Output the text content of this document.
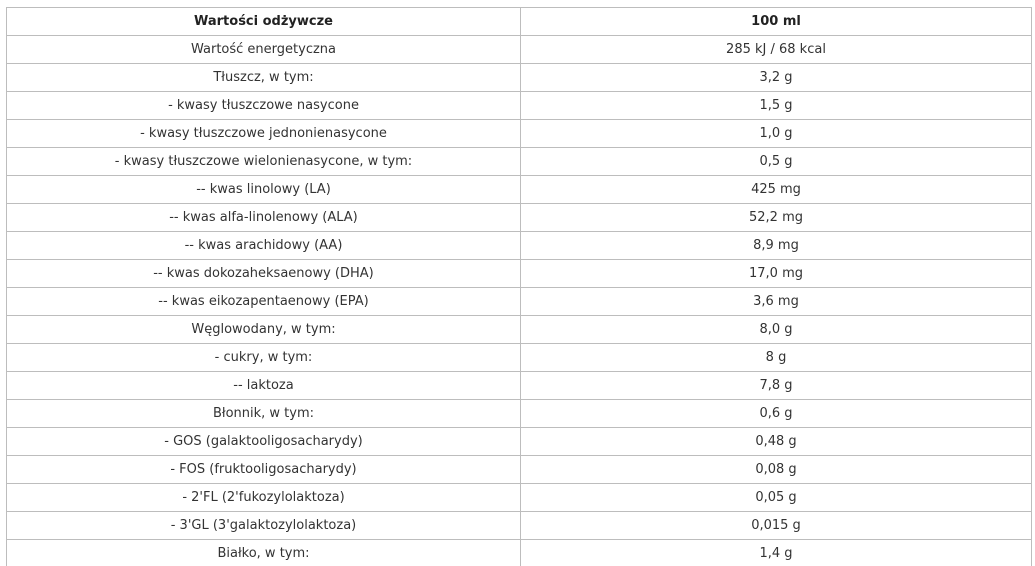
Wartości odżywcze	100 ml
Wartość energetyczna	285 kJ / 68 kcal
Tłuszcz, w tym:	3,2 g
- kwasy tłuszczowe nasycone	1,5 g
- kwasy tłuszczowe jednonienasycone	1,0 g
- kwasy tłuszczowe wielonienasycone, w tym:	0,5 g
-- kwas linolowy (LA)	425 mg
-- kwas alfa-linolenowy (ALA)	52,2 mg
-- kwas arachidowy (AA)	8,9 mg
-- kwas dokozaheksaenowy (DHA)	17,0 mg
-- kwas eikozapentaenowy (EPA)	3,6 mg
Węglowodany, w tym:	8,0 g
- cukry, w tym:	8 g
-- laktoza	7,8 g
Błonnik, w tym:	0,6 g
- GOS (galaktooligosacharydy)	0,48 g
- FOS (fruktooligosacharydy)	0,08 g
- 2'FL (2'fukozylolaktoza)	0,05 g
- 3'GL (3'galaktozylolaktoza)	0,015 g
Białko, w tym:	1,4 g
